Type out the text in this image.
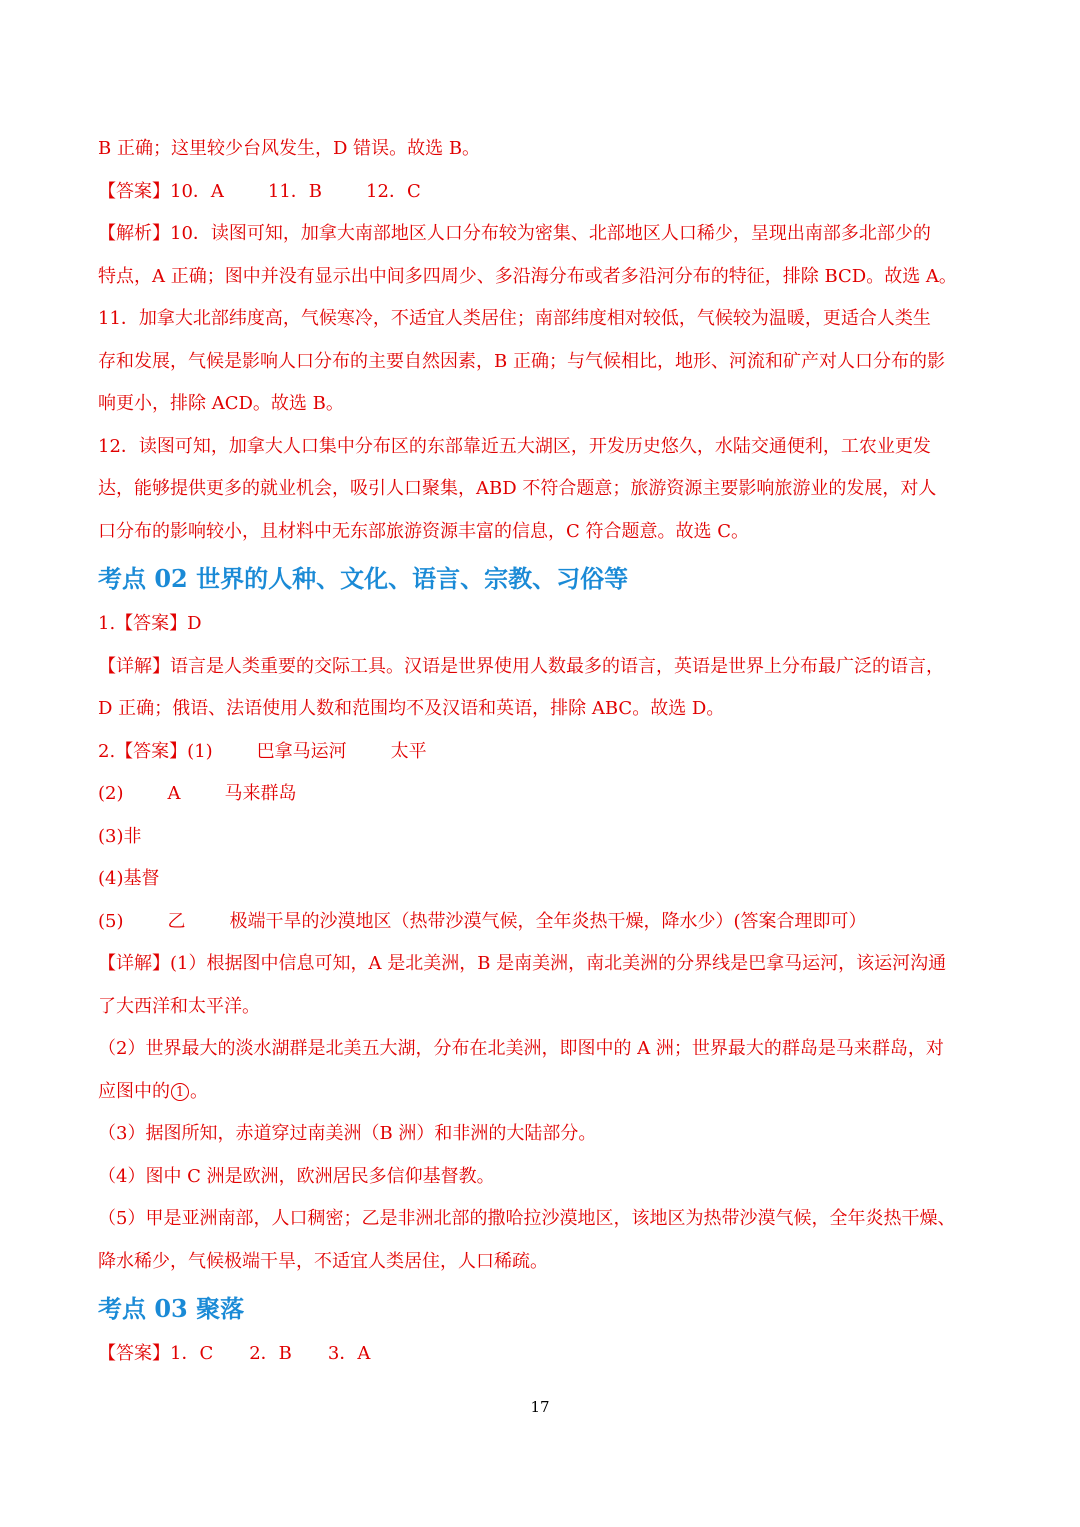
B 正确；这里较少台风发生，D 错误。故选 B。
【答案】10．A 11．B 12．C
【解析】10．读图可知，加拿大南部地区人口分布较为密集、北部地区人口稀少，呈现出南部多北部少的
特点，A 正确；图中并没有显示出中间多四周少、多沿海分布或者多沿河分布的特征，排除 BCD。故选 A。
11．加拿大北部纬度高，气候寒冷，不适宜人类居住；南部纬度相对较低，气候较为温暖，更适合人类生
存和发展，气候是影响人口分布的主要自然因素，B 正确；与气候相比，地形、河流和矿产对人口分布的影
响更小，排除 ACD。故选 B。
12．读图可知，加拿大人口集中分布区的东部靠近五大湖区，开发历史悠久，水陆交通便利，工农业更发
达，能够提供更多的就业机会，吸引人口聚集，ABD 不符合题意；旅游资源主要影响旅游业的发展，对人
口分布的影响较小，且材料中无东部旅游资源丰富的信息，C 符合题意。故选 C。
考点 02 世界的人种、文化、语言、宗教、习俗等
1.【答案】D
【详解】语言是人类重要的交际工具。汉语是世界使用人数最多的语言，英语是世界上分布最广泛的语言，
D 正确；俄语、法语使用人数和范围均不及汉语和英语，排除 ABC。故选 D。
2.【答案】(1) 巴拿马运河 太平
(2) A 马来群岛
(3)非
(4)基督
(5) 乙 极端干旱的沙漠地区（热带沙漠气候，全年炎热干燥，降水少）(答案合理即可）
【详解】(1）根据图中信息可知，A 是北美洲，B 是南美洲，南北美洲的分界线是巴拿马运河，该运河沟通
了大西洋和太平洋。
（2）世界最大的淡水湖群是北美五大湖，分布在北美洲，即图中的 A 洲；世界最大的群岛是马来群岛，对
应图中的 1 。
（3）据图所知，赤道穿过南美洲（B 洲）和非洲的大陆部分。
（4）图中 C 洲是欧洲，欧洲居民多信仰基督教。
（5）甲是亚洲南部，人口稠密；乙是非洲北部的撒哈拉沙漠地区，该地区为热带沙漠气候，全年炎热干燥、
降水稀少，气候极端干旱，不适宜人类居住，人口稀疏。
考点 03 聚落
【答案】1．C 2．B 3．A
17
